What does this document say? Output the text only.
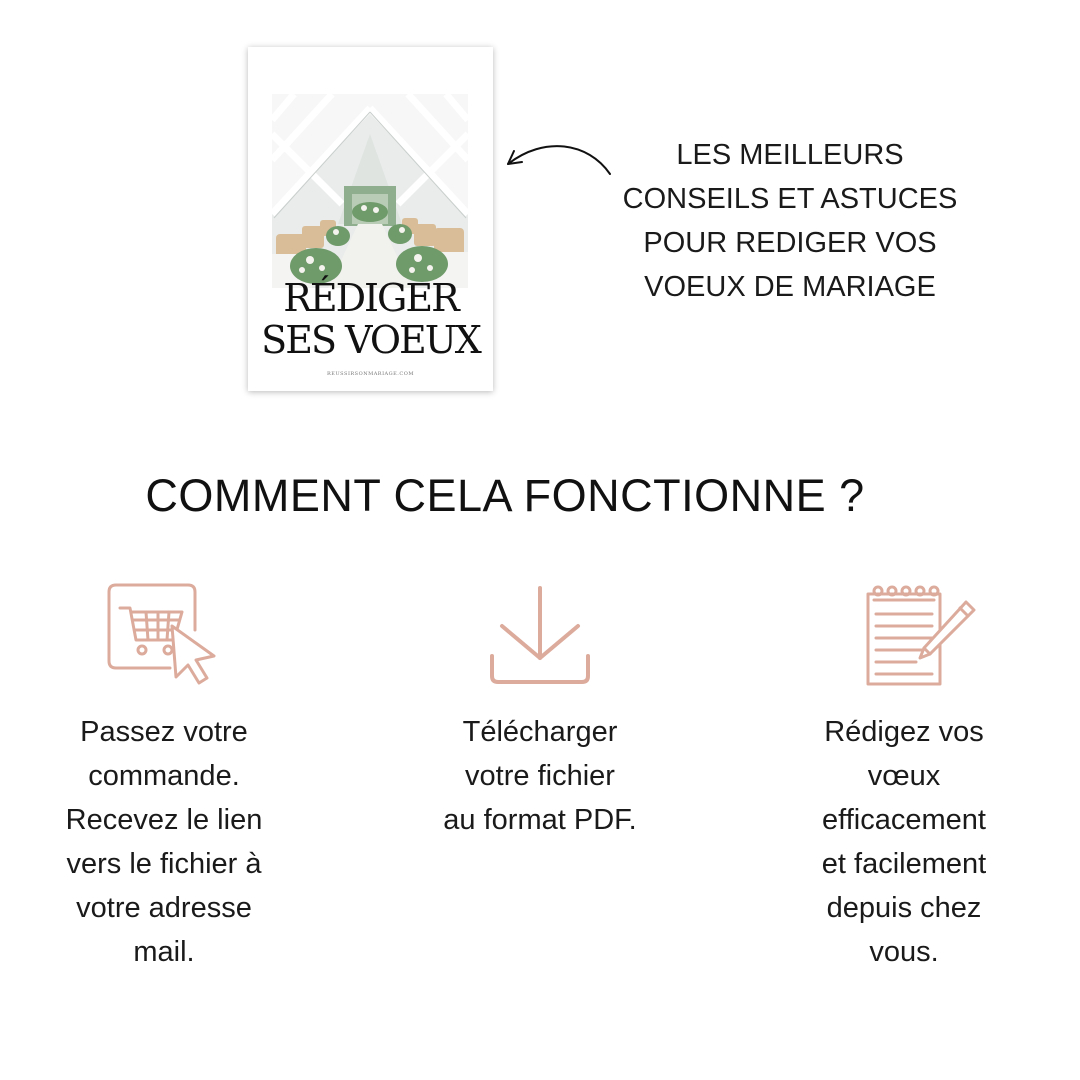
RÉDIGER
SES VOEUX
REUSSIRSONMARIAGE.COM
LES MEILLEURS
CONSEILS ET ASTUCES
POUR REDIGER VOS
VOEUX DE MARIAGE
COMMENT CELA FONCTIONNE ?
Passez votre
commande.
Recevez le lien
vers le fichier à
votre adresse
mail.
Télécharger
votre fichier
au format PDF.
Rédigez vos
vœux
efficacement
et facilement
depuis chez
vous.
